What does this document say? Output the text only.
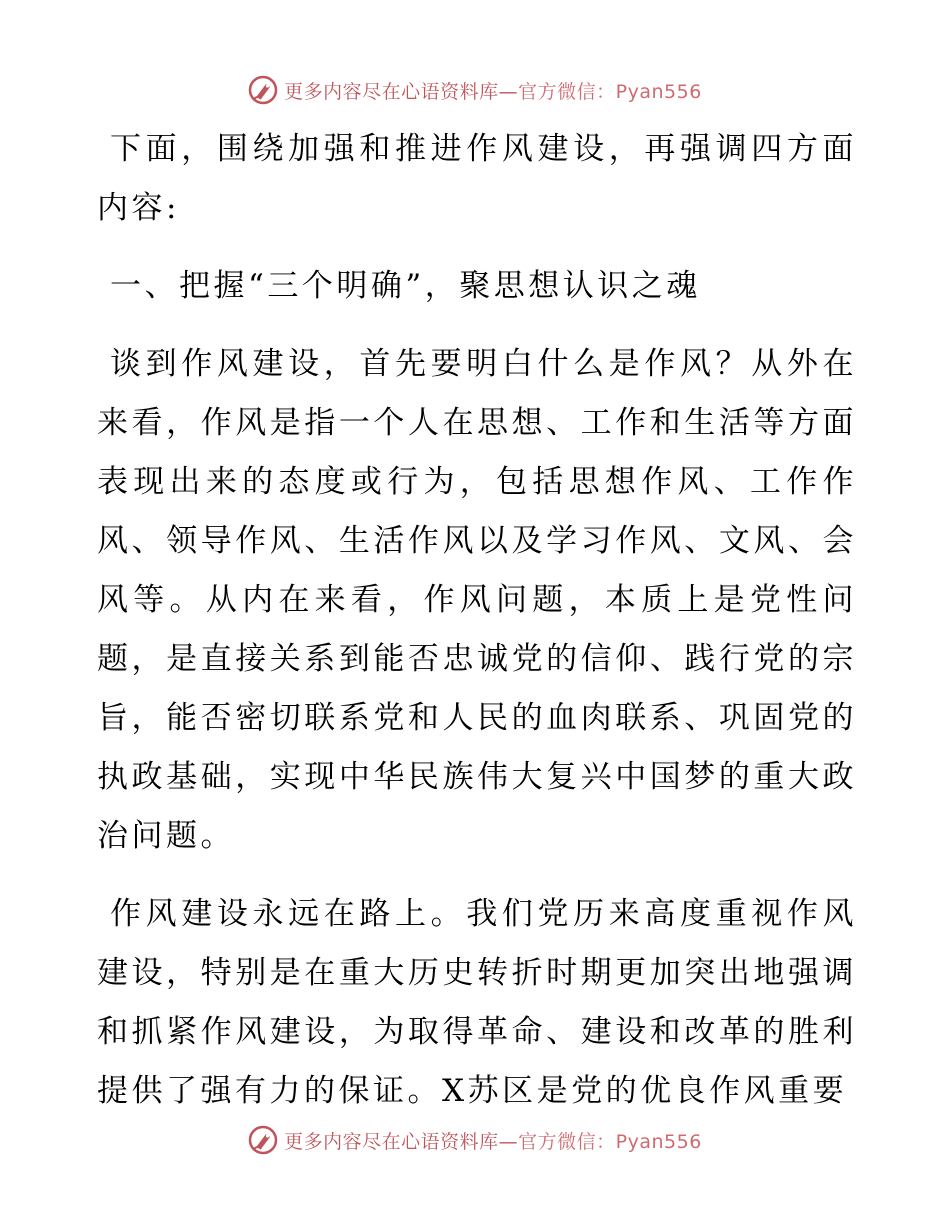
更多内容尽在心语资料库—官方微信：Pyan556

下面，围绕加强和推进作风建设，再强调四方面内容:

一、把握“三个明确”，聚思想认识之魂

谈到作风建设，首先要明白什么是作风？从外在来看，作风是指一个人在思想、工作和生活等方面表现出来的态度或行为，包括思想作风、工作作风、领导作风、生活作风以及学习作风、文风、会风等。从内在来看，作风问题，本质上是党性问题，是直接关系到能否忠诚党的信仰、践行党的宗旨，能否密切联系党和人民的血肉联系、巩固党的执政基础，实现中华民族伟大复兴中国梦的重大政治问题。

作风建设永远在路上。我们党历来高度重视作风建设，特别是在重大历史转折时期更加突出地强调和抓紧作风建设，为取得革命、建设和改革的胜利提供了强有力的保证。X苏区是党的优良作风重要

更多内容尽在心语资料库—官方微信：Pyan556
